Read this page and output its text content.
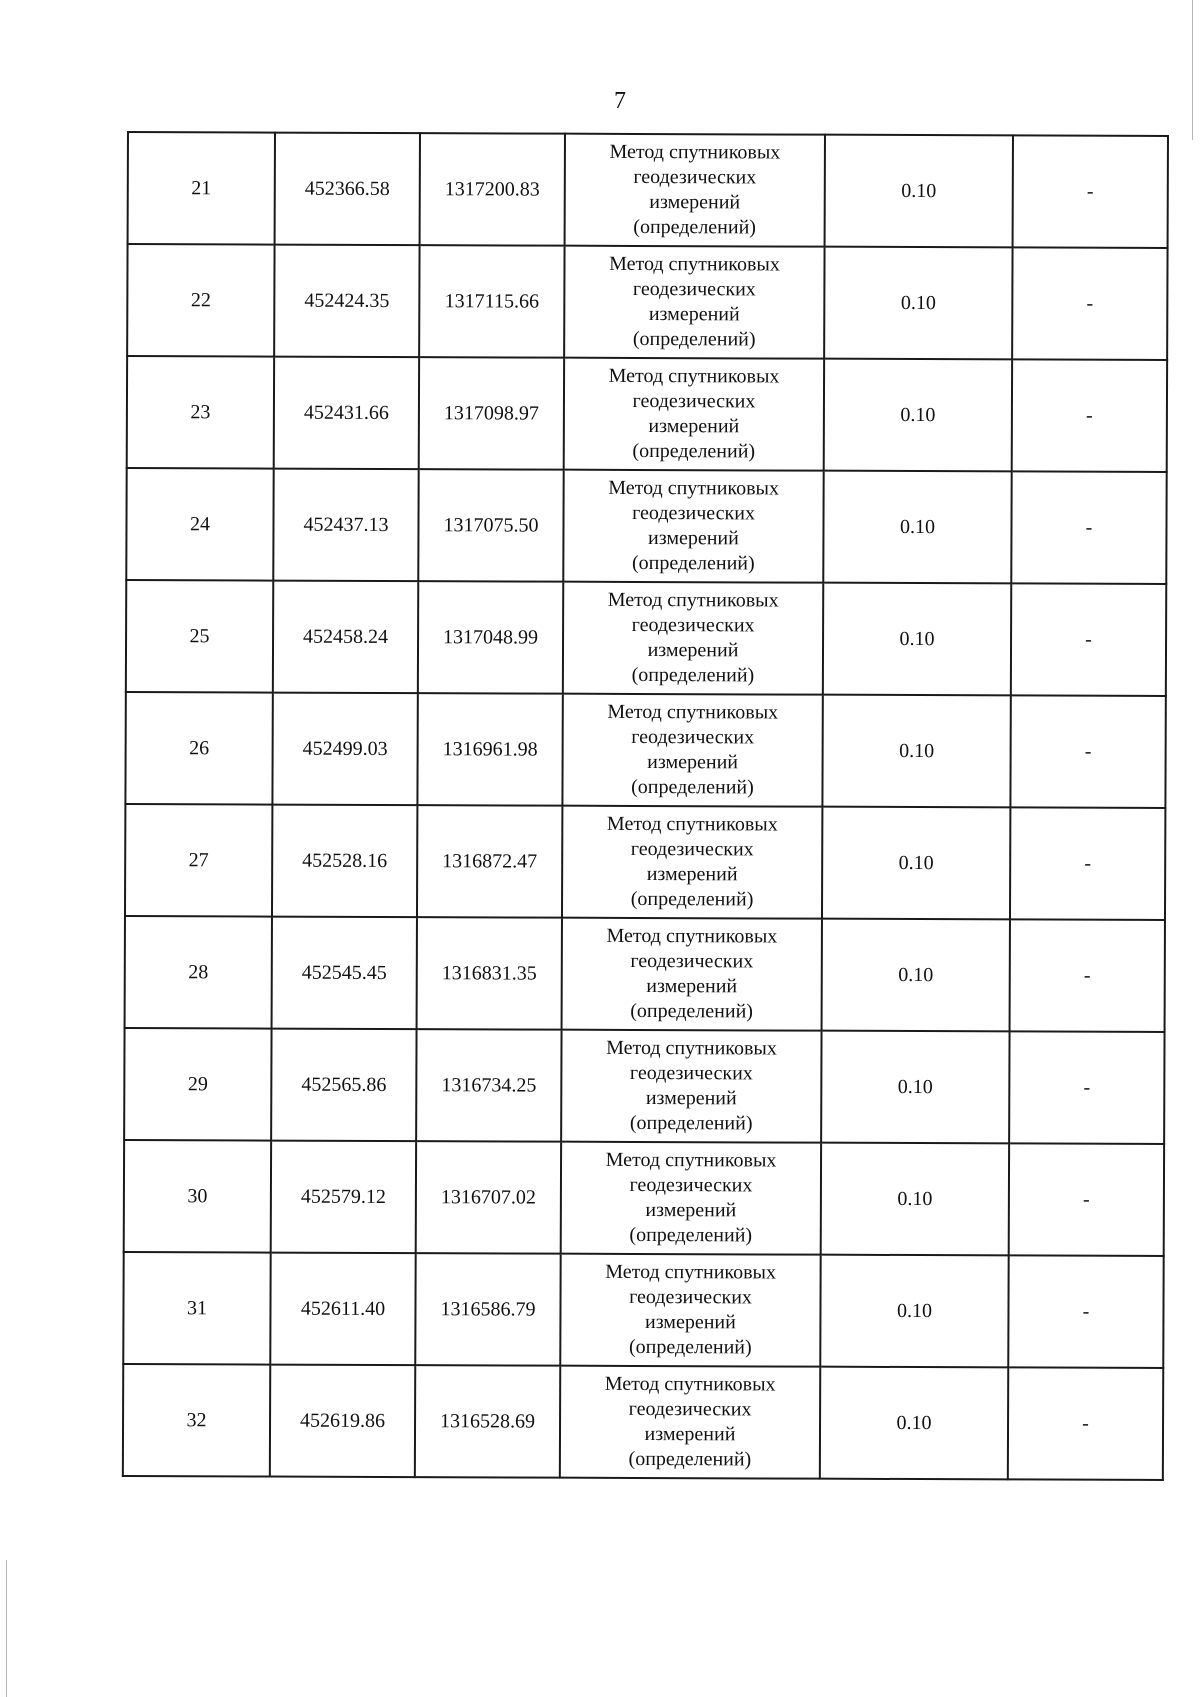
7
21	452366.58	1317200.83	Метод спутниковых
геодезических
измерений
(определений)	0.10	-
22	452424.35	1317115.66	Метод спутниковых
геодезических
измерений
(определений)	0.10	-
23	452431.66	1317098.97	Метод спутниковых
геодезических
измерений
(определений)	0.10	-
24	452437.13	1317075.50	Метод спутниковых
геодезических
измерений
(определений)	0.10	-
25	452458.24	1317048.99	Метод спутниковых
геодезических
измерений
(определений)	0.10	-
26	452499.03	1316961.98	Метод спутниковых
геодезических
измерений
(определений)	0.10	-
27	452528.16	1316872.47	Метод спутниковых
геодезических
измерений
(определений)	0.10	-
28	452545.45	1316831.35	Метод спутниковых
геодезических
измерений
(определений)	0.10	-
29	452565.86	1316734.25	Метод спутниковых
геодезических
измерений
(определений)	0.10	-
30	452579.12	1316707.02	Метод спутниковых
геодезических
измерений
(определений)	0.10	-
31	452611.40	1316586.79	Метод спутниковых
геодезических
измерений
(определений)	0.10	-
32	452619.86	1316528.69	Метод спутниковых
геодезических
измерений
(определений)	0.10	-
